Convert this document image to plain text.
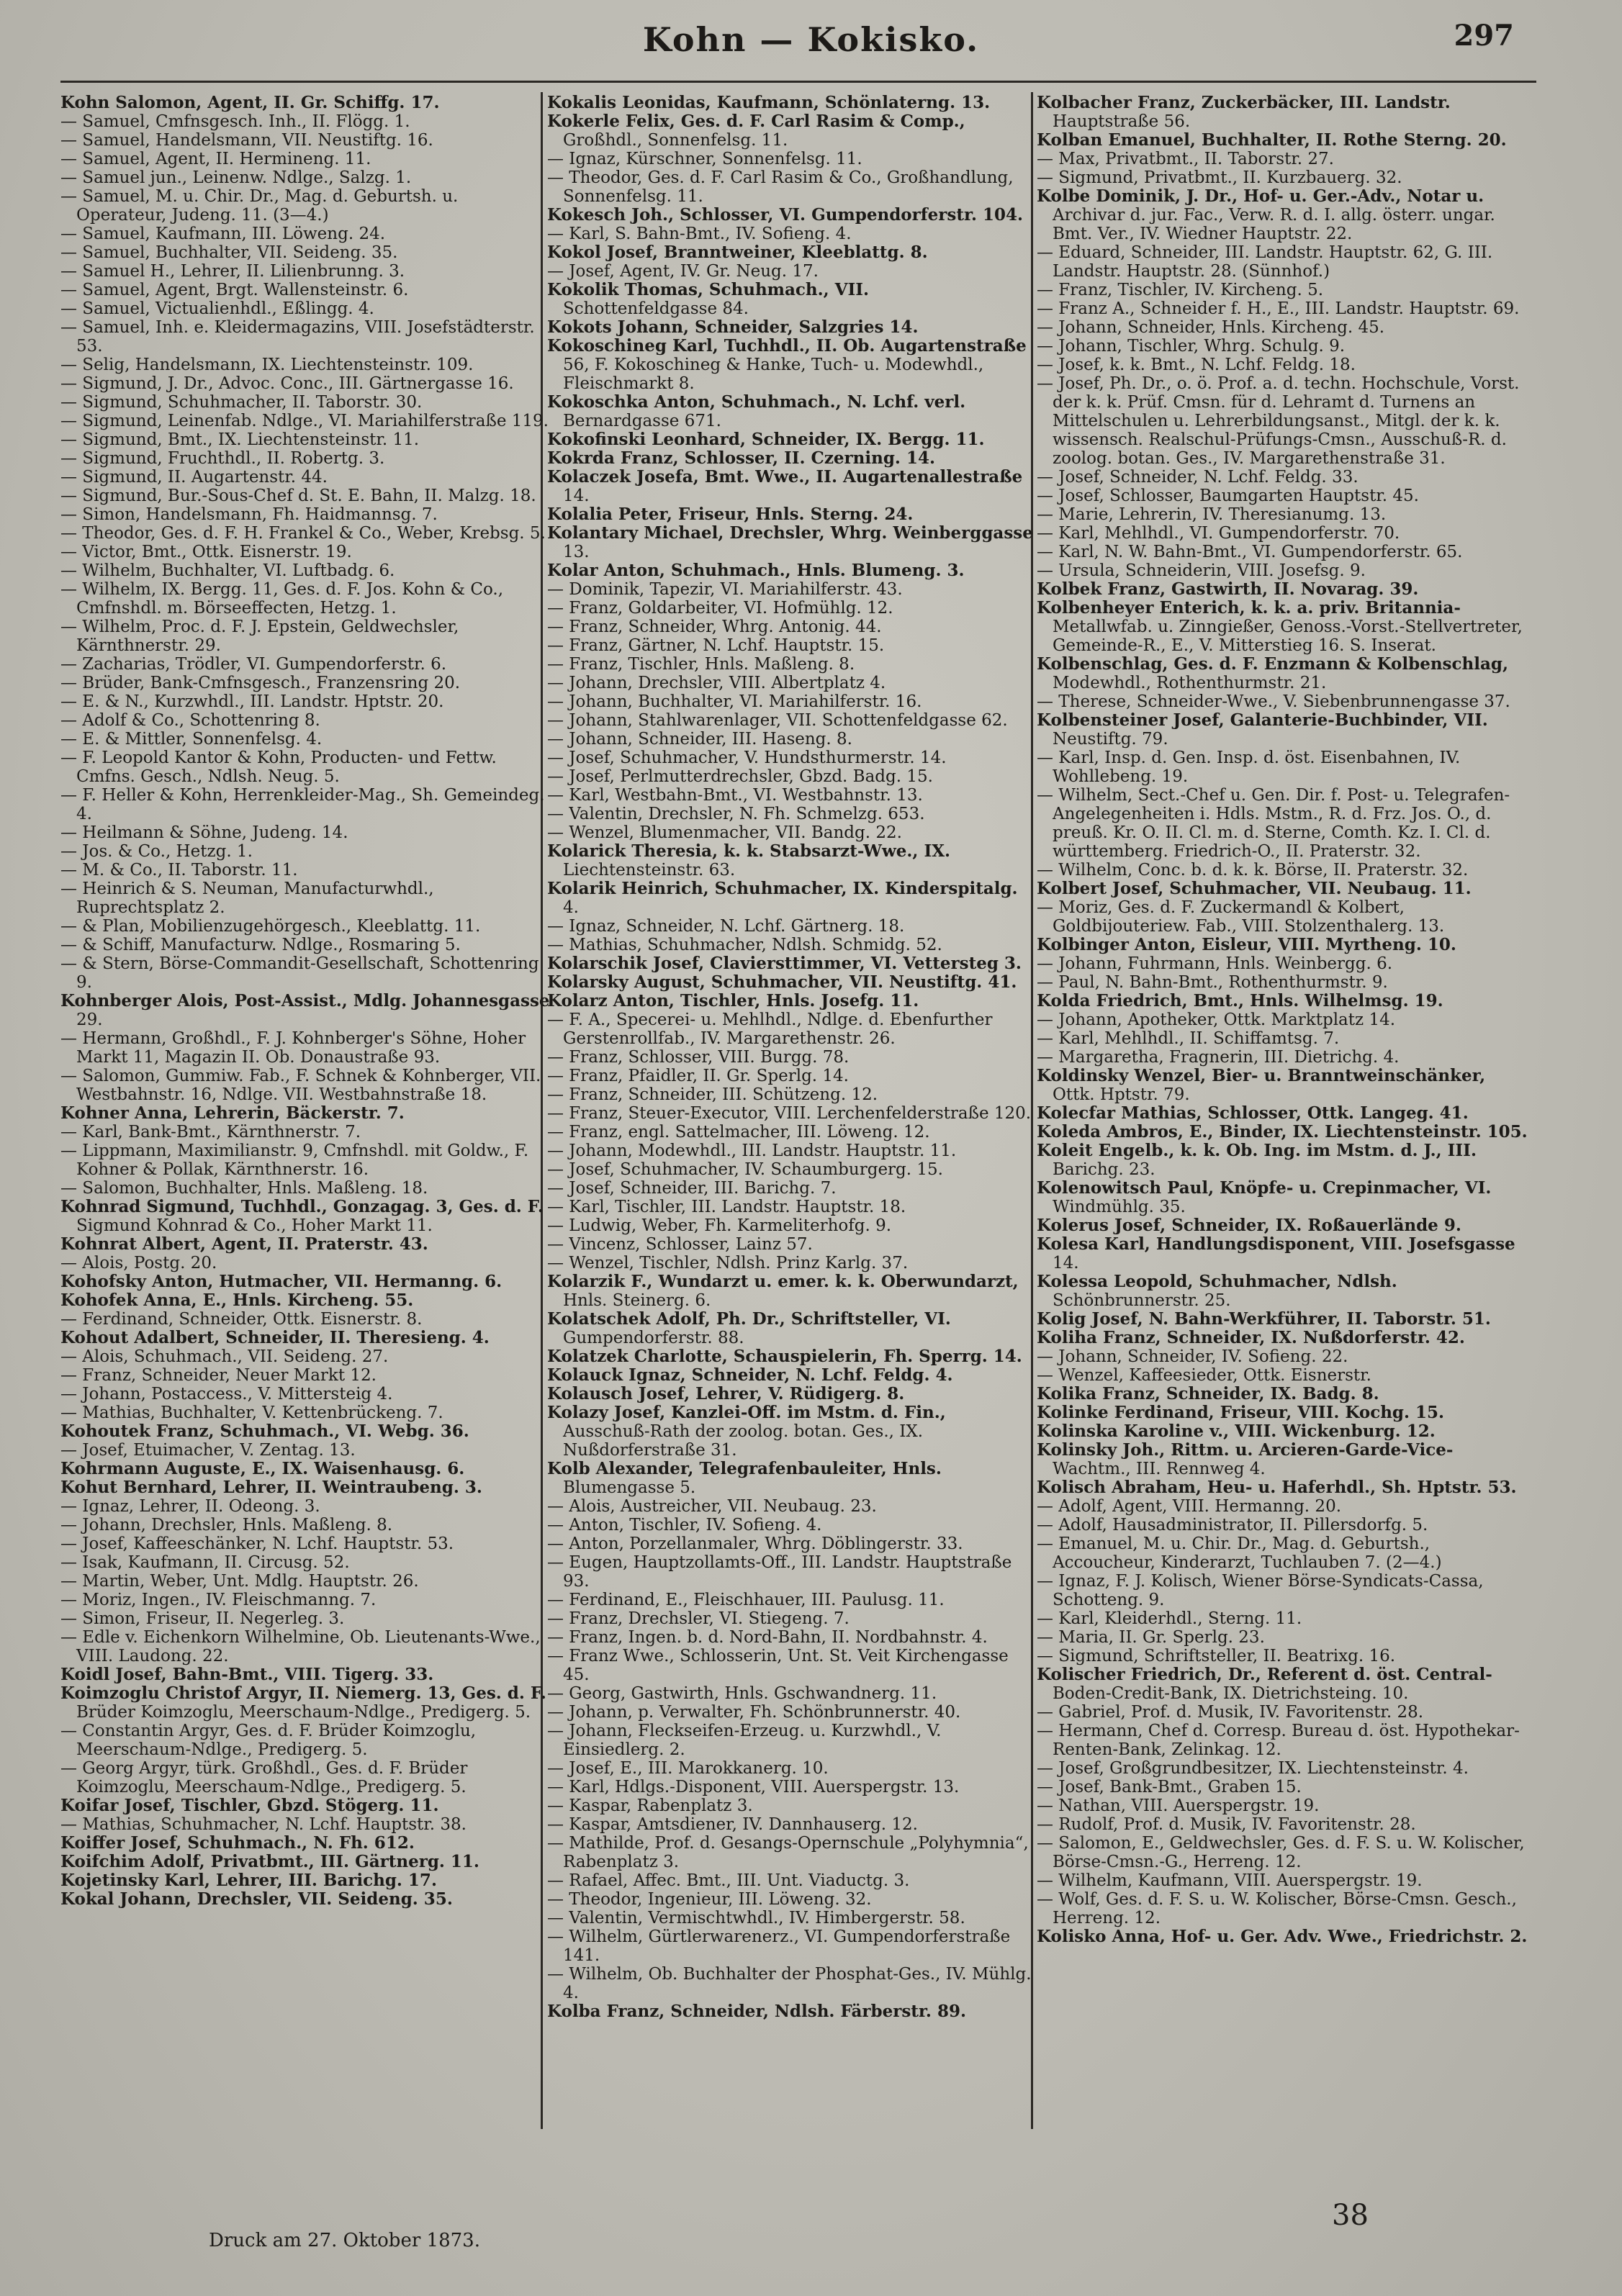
Kohn — Kokisko.	297

Kohn Salomon, Agent, II. Gr. Schiffg. 17.

— Samuel, Cmfnsgesch. Inh., II. Flögg. 1.

— Samuel, Handelsmann, VII. Neustiftg. 16.

— Samuel, Agent, II. Hermineng. 11.

— Samuel jun., Leinenw. Ndlge., Salzg. 1.

— Samuel, M. u. Chir. Dr., Mag. d. Geburtsh. u. Operateur, Judeng. 11. (3—4.)

— Samuel, Kaufmann, III. Löweng. 24.

— Samuel, Buchhalter, VII. Seideng. 35.

— Samuel H., Lehrer, II. Lilienbrunng. 3.

— Samuel, Agent, Brgt. Wallensteinstr. 6.

— Samuel, Victualienhdl., Eßlingg. 4.

— Samuel, Inh. e. Kleidermagazins, VIII. Josefstädterstr. 53.

— Selig, Handelsmann, IX. Liechtensteinstr. 109.

— Sigmund, J. Dr., Advoc. Conc., III. Gärtnergasse 16.

— Sigmund, Schuhmacher, II. Taborstr. 30.

— Sigmund, Leinenfab. Ndlge., VI. Mariahilferstraße 119.

— Sigmund, Bmt., IX. Liechtensteinstr. 11.

— Sigmund, Fruchthdl., II. Robertg. 3.

— Sigmund, II. Augartenstr. 44.

— Sigmund, Bur.-Sous-Chef d. St. E. Bahn, II. Malzg. 18.

— Simon, Handelsmann, Fh. Haidmannsg. 7.

— Theodor, Ges. d. F. H. Frankel & Co., Weber, Krebsg. 5.

— Victor, Bmt., Ottk. Eisnerstr. 19.

— Wilhelm, Buchhalter, VI. Luftbadg. 6.

— Wilhelm, IX. Bergg. 11, Ges. d. F. Jos. Kohn & Co., Cmfnshdl. m. Börseeffecten, Hetzg. 1.

— Wilhelm, Proc. d. F. J. Epstein, Geldwechsler, Kärnthnerstr. 29.

— Zacharias, Trödler, VI. Gumpendorferstr. 6.

— Brüder, Bank-Cmfnsgesch., Franzensring 20.

— E. & N., Kurzwhdl., III. Landstr. Hptstr. 20.

— Adolf & Co., Schottenring 8.

— E. & Mittler, Sonnenfelsg. 4.

— F. Leopold Kantor & Kohn, Producten- und Fettw. Cmfns. Gesch., Ndlsh. Neug. 5.

— F. Heller & Kohn, Herrenkleider-Mag., Sh. Gemeindeg. 4.

— Heilmann & Söhne, Judeng. 14.

— Jos. & Co., Hetzg. 1.

— M. & Co., II. Taborstr. 11.

— Heinrich & S. Neuman, Manufacturwhdl., Ruprechtsplatz 2.

— & Plan, Mobilienzugehörgesch., Kleeblattg. 11.

— & Schiff, Manufacturw. Ndlge., Rosmaring 5.

— & Stern, Börse-Commandit-Gesellschaft, Schottenring 9.

Kohnberger Alois, Post-Assist., Mdlg. Johannesgasse 29.

— Hermann, Großhdl., F. J. Kohnberger's Söhne, Hoher Markt 11, Magazin II. Ob. Donaustraße 93.

— Salomon, Gummiw. Fab., F. Schnek & Kohnberger, VII. Westbahnstr. 16, Ndlge. VII. Westbahnstraße 18.

Kohner Anna, Lehrerin, Bäckerstr. 7.

— Karl, Bank-Bmt., Kärnthnerstr. 7.

— Lippmann, Maximilianstr. 9, Cmfnshdl. mit Goldw., F. Kohner & Pollak, Kärnthnerstr. 16.

— Salomon, Buchhalter, Hnls. Maßleng. 18.

Kohnrad Sigmund, Tuchhdl., Gonzagag. 3, Ges. d. F. Sigmund Kohnrad & Co., Hoher Markt 11.

Kohnrat Albert, Agent, II. Praterstr. 43.

— Alois, Postg. 20.

Kohofsky Anton, Hutmacher, VII. Hermanng. 6.

Kohofek Anna, E., Hnls. Kircheng. 55.

— Ferdinand, Schneider, Ottk. Eisnerstr. 8.

Kohout Adalbert, Schneider, II. Theresieng. 4.

— Alois, Schuhmach., VII. Seideng. 27.

— Franz, Schneider, Neuer Markt 12.

— Johann, Postaccess., V. Mittersteig 4.

— Mathias, Buchhalter, V. Kettenbrückeng. 7.

Kohoutek Franz, Schuhmach., VI. Webg. 36.

— Josef, Etuimacher, V. Zentag. 13.

Kohrmann Auguste, E., IX. Waisenhausg. 6.

Kohut Bernhard, Lehrer, II. Weintraubeng. 3.

— Ignaz, Lehrer, II. Odeong. 3.

— Johann, Drechsler, Hnls. Maßleng. 8.

— Josef, Kaffeeschänker, N. Lchf. Hauptstr. 53.

— Isak, Kaufmann, II. Circusg. 52.

— Martin, Weber, Unt. Mdlg. Hauptstr. 26.

— Moriz, Ingen., IV. Fleischmanng. 7.

— Simon, Friseur, II. Negerleg. 3.

— Edle v. Eichenkorn Wilhelmine, Ob. Lieutenants-Wwe., VIII. Laudong. 22.

Koidl Josef, Bahn-Bmt., VIII. Tigerg. 33.

Koimzoglu Christof Argyr, II. Niemerg. 13, Ges. d. F. Brüder Koimzoglu, Meerschaum-Ndlge., Predigerg. 5.

— Constantin Argyr, Ges. d. F. Brüder Koimzoglu, Meerschaum-Ndlge., Predigerg. 5.

— Georg Argyr, türk. Großhdl., Ges. d. F. Brüder Koimzoglu, Meerschaum-Ndlge., Predigerg. 5.

Koifar Josef, Tischler, Gbzd. Stögerg. 11.

— Mathias, Schuhmacher, N. Lchf. Hauptstr. 38.

Koiffer Josef, Schuhmach., N. Fh. 612.

Koifchim Adolf, Privatbmt., III. Gärtnerg. 11.

Kojetinsky Karl, Lehrer, III. Barichg. 17.

Kokal Johann, Drechsler, VII. Seideng. 35.

Kokalis Leonidas, Kaufmann, Schönlaterng. 13.

Kokerle Felix, Ges. d. F. Carl Rasim & Comp., Großhdl., Sonnenfelsg. 11.

— Ignaz, Kürschner, Sonnenfelsg. 11.

— Theodor, Ges. d. F. Carl Rasim & Co., Großhandlung, Sonnenfelsg. 11.

Kokesch Joh., Schlosser, VI. Gumpendorferstr. 104.

— Karl, S. Bahn-Bmt., IV. Sofieng. 4.

Kokol Josef, Branntweiner, Kleeblattg. 8.

— Josef, Agent, IV. Gr. Neug. 17.

Kokolik Thomas, Schuhmach., VII. Schottenfeldgasse 84.

Kokots Johann, Schneider, Salzgries 14.

Kokoschineg Karl, Tuchhdl., II. Ob. Augartenstraße 56, F. Kokoschineg & Hanke, Tuch- u. Modewhdl., Fleischmarkt 8.

Kokoschka Anton, Schuhmach., N. Lchf. verl. Bernardgasse 671.

Kokofinski Leonhard, Schneider, IX. Bergg. 11.

Kokrda Franz, Schlosser, II. Czerning. 14.

Kolaczek Josefa, Bmt. Wwe., II. Augartenallestraße 14.

Kolalia Peter, Friseur, Hnls. Sterng. 24.

Kolantary Michael, Drechsler, Whrg. Weinberggasse 13.

Kolar Anton, Schuhmach., Hnls. Blumeng. 3.

— Dominik, Tapezir, VI. Mariahilferstr. 43.

— Franz, Goldarbeiter, VI. Hofmühlg. 12.

— Franz, Schneider, Whrg. Antonig. 44.

— Franz, Gärtner, N. Lchf. Hauptstr. 15.

— Franz, Tischler, Hnls. Maßleng. 8.

— Johann, Drechsler, VIII. Albertplatz 4.

— Johann, Buchhalter, VI. Mariahilferstr. 16.

— Johann, Stahlwarenlager, VII. Schottenfeldgasse 62.

— Johann, Schneider, III. Haseng. 8.

— Josef, Schuhmacher, V. Hundsthurmerstr. 14.

— Josef, Perlmutterdrechsler, Gbzd. Badg. 15.

— Karl, Westbahn-Bmt., VI. Westbahnstr. 13.

— Valentin, Drechsler, N. Fh. Schmelzg. 653.

— Wenzel, Blumenmacher, VII. Bandg. 22.

Kolarick Theresia, k. k. Stabsarzt-Wwe., IX. Liechtensteinstr. 63.

Kolarik Heinrich, Schuhmacher, IX. Kinderspitalg. 4.

— Ignaz, Schneider, N. Lchf. Gärtnerg. 18.

— Mathias, Schuhmacher, Ndlsh. Schmidg. 52.

Kolarschik Josef, Claviersttimmer, VI. Vettersteg 3.

Kolarsky August, Schuhmacher, VII. Neustiftg. 41.

Kolarz Anton, Tischler, Hnls. Josefg. 11.

— F. A., Specerei- u. Mehlhdl., Ndlge. d. Ebenfurther Gerstenrollfab., IV. Margarethenstr. 26.

— Franz, Schlosser, VIII. Burgg. 78.

— Franz, Pfaidler, II. Gr. Sperlg. 14.

— Franz, Schneider, III. Schützeng. 12.

— Franz, Steuer-Executor, VIII. Lerchenfelderstraße 120.

— Franz, engl. Sattelmacher, III. Löweng. 12.

— Johann, Modewhdl., III. Landstr. Hauptstr. 11.

— Josef, Schuhmacher, IV. Schaumburgerg. 15.

— Josef, Schneider, III. Barichg. 7.

— Karl, Tischler, III. Landstr. Hauptstr. 18.

— Ludwig, Weber, Fh. Karmeliterhofg. 9.

— Vincenz, Schlosser, Lainz 57.

— Wenzel, Tischler, Ndlsh. Prinz Karlg. 37.

Kolarzik F., Wundarzt u. emer. k. k. Oberwundarzt, Hnls. Steinerg. 6.

Kolatschek Adolf, Ph. Dr., Schriftsteller, VI. Gumpendorferstr. 88.

Kolatzek Charlotte, Schauspielerin, Fh. Sperrg. 14.

Kolauck Ignaz, Schneider, N. Lchf. Feldg. 4.

Kolausch Josef, Lehrer, V. Rüdigerg. 8.

Kolazy Josef, Kanzlei-Off. im Mstm. d. Fin., Ausschuß-Rath der zoolog. botan. Ges., IX. Nußdorferstraße 31.

Kolb Alexander, Telegrafenbauleiter, Hnls. Blumengasse 5.

— Alois, Austreicher, VII. Neubaug. 23.

— Anton, Tischler, IV. Sofieng. 4.

— Anton, Porzellanmaler, Whrg. Döblingerstr. 33.

— Eugen, Hauptzollamts-Off., III. Landstr. Hauptstraße 93.

— Ferdinand, E., Fleischhauer, III. Paulusg. 11.

— Franz, Drechsler, VI. Stiegeng. 7.

— Franz, Ingen. b. d. Nord-Bahn, II. Nordbahnstr. 4.

— Franz Wwe., Schlosserin, Unt. St. Veit Kirchengasse 45.

— Georg, Gastwirth, Hnls. Gschwandnerg. 11.

— Johann, p. Verwalter, Fh. Schönbrunnerstr. 40.

— Johann, Fleckseifen-Erzeug. u. Kurzwhdl., V. Einsiedlerg. 2.

— Josef, E., III. Marokkanerg. 10.

— Karl, Hdlgs.-Disponent, VIII. Auerspergstr. 13.

— Kaspar, Rabenplatz 3.

— Kaspar, Amtsdiener, IV. Dannhauserg. 12.

— Mathilde, Prof. d. Gesangs-Opernschule „Polyhymnia“, Rabenplatz 3.

— Rafael, Affec. Bmt., III. Unt. Viaductg. 3.

— Theodor, Ingenieur, III. Löweng. 32.

— Valentin, Vermischtwhdl., IV. Himbergerstr. 58.

— Wilhelm, Gürtlerwarenerz., VI. Gumpendorferstraße 141.

— Wilhelm, Ob. Buchhalter der Phosphat-Ges., IV. Mühlg. 4.

Kolba Franz, Schneider, Ndlsh. Färberstr. 89.

Kolbacher Franz, Zuckerbäcker, III. Landstr. Hauptstraße 56.

Kolban Emanuel, Buchhalter, II. Rothe Sterng. 20.

— Max, Privatbmt., II. Taborstr. 27.

— Sigmund, Privatbmt., II. Kurzbauerg. 32.

Kolbe Dominik, J. Dr., Hof- u. Ger.-Adv., Notar u. Archivar d. jur. Fac., Verw. R. d. I. allg. österr. ungar. Bmt. Ver., IV. Wiedner Hauptstr. 22.

— Eduard, Schneider, III. Landstr. Hauptstr. 62, G. III. Landstr. Hauptstr. 28. (Sünnhof.)

— Franz, Tischler, IV. Kircheng. 5.

— Franz A., Schneider f. H., E., III. Landstr. Hauptstr. 69.

— Johann, Schneider, Hnls. Kircheng. 45.

— Johann, Tischler, Whrg. Schulg. 9.

— Josef, k. k. Bmt., N. Lchf. Feldg. 18.

— Josef, Ph. Dr., o. ö. Prof. a. d. techn. Hochschule, Vorst. der k. k. Prüf. Cmsn. für d. Lehramt d. Turnens an Mittelschulen u. Lehrerbildungsanst., Mitgl. der k. k. wissensch. Realschul-Prüfungs-Cmsn., Ausschuß-R. d. zoolog. botan. Ges., IV. Margarethenstraße 31.

— Josef, Schneider, N. Lchf. Feldg. 33.

— Josef, Schlosser, Baumgarten Hauptstr. 45.

— Marie, Lehrerin, IV. Theresianumg. 13.

— Karl, Mehlhdl., VI. Gumpendorferstr. 70.

— Karl, N. W. Bahn-Bmt., VI. Gumpendorferstr. 65.

— Ursula, Schneiderin, VIII. Josefsg. 9.

Kolbek Franz, Gastwirth, II. Novarag. 39.

Kolbenheyer Enterich, k. k. a. priv. Britannia-Metallwfab. u. Zinngießer, Genoss.-Vorst.-Stellvertreter, Gemeinde-R., E., V. Mitterstieg 16. S. Inserat.

Kolbenschlag, Ges. d. F. Enzmann & Kolbenschlag, Modewhdl., Rothenthurmstr. 21.

— Therese, Schneider-Wwe., V. Siebenbrunnengasse 37.

Kolbensteiner Josef, Galanterie-Buchbinder, VII. Neustiftg. 79.

— Karl, Insp. d. Gen. Insp. d. öst. Eisenbahnen, IV. Wohllebeng. 19.

— Wilhelm, Sect.-Chef u. Gen. Dir. f. Post- u. Telegrafen-Angelegenheiten i. Hdls. Mstm., R. d. Frz. Jos. O., d. preuß. Kr. O. II. Cl. m. d. Sterne, Comth. Kz. I. Cl. d. württemberg. Friedrich-O., II. Praterstr. 32.

— Wilhelm, Conc. b. d. k. k. Börse, II. Praterstr. 32.

Kolbert Josef, Schuhmacher, VII. Neubaug. 11.

— Moriz, Ges. d. F. Zuckermandl & Kolbert, Goldbijouteriew. Fab., VIII. Stolzenthalerg. 13.

Kolbinger Anton, Eisleur, VIII. Myrtheng. 10.

— Johann, Fuhrmann, Hnls. Weinbergg. 6.

— Paul, N. Bahn-Bmt., Rothenthurmstr. 9.

Kolda Friedrich, Bmt., Hnls. Wilhelmsg. 19.

— Johann, Apotheker, Ottk. Marktplatz 14.

— Karl, Mehlhdl., II. Schiffamtsg. 7.

— Margaretha, Fragnerin, III. Dietrichg. 4.

Koldinsky Wenzel, Bier- u. Branntweinschänker, Ottk. Hptstr. 79.

Kolecfar Mathias, Schlosser, Ottk. Langeg. 41.

Koleda Ambros, E., Binder, IX. Liechtensteinstr. 105.

Koleit Engelb., k. k. Ob. Ing. im Mstm. d. J., III. Barichg. 23.

Kolenowitsch Paul, Knöpfe- u. Crepinmacher, VI. Windmühlg. 35.

Kolerus Josef, Schneider, IX. Roßauerlände 9.

Kolesa Karl, Handlungsdisponent, VIII. Josefsgasse 14.

Kolessa Leopold, Schuhmacher, Ndlsh. Schönbrunnerstr. 25.

Kolig Josef, N. Bahn-Werkführer, II. Taborstr. 51.

Koliha Franz, Schneider, IX. Nußdorferstr. 42.

— Johann, Schneider, IV. Sofieng. 22.

— Wenzel, Kaffeesieder, Ottk. Eisnerstr.

Kolika Franz, Schneider, IX. Badg. 8.

Kolinke Ferdinand, Friseur, VIII. Kochg. 15.

Kolinska Karoline v., VIII. Wickenburg. 12.

Kolinsky Joh., Rittm. u. Arcieren-Garde-Vice-Wachtm., III. Rennweg 4.

Kolisch Abraham, Heu- u. Haferhdl., Sh. Hptstr. 53.

— Adolf, Agent, VIII. Hermanng. 20.

— Adolf, Hausadministrator, II. Pillersdorfg. 5.

— Emanuel, M. u. Chir. Dr., Mag. d. Geburtsh., Accoucheur, Kinderarzt, Tuchlauben 7. (2—4.)

— Ignaz, F. J. Kolisch, Wiener Börse-Syndicats-Cassa, Schotteng. 9.

— Karl, Kleiderhdl., Sterng. 11.

— Maria, II. Gr. Sperlg. 23.

— Sigmund, Schriftsteller, II. Beatrixg. 16.

Kolischer Friedrich, Dr., Referent d. öst. Central-Boden-Credit-Bank, IX. Dietrichsteing. 10.

— Gabriel, Prof. d. Musik, IV. Favoritenstr. 28.

— Hermann, Chef d. Corresp. Bureau d. öst. Hypothekar-Renten-Bank, Zelinkag. 12.

— Josef, Großgrundbesitzer, IX. Liechtensteinstr. 4.

— Josef, Bank-Bmt., Graben 15.

— Nathan, VIII. Auerspergstr. 19.

— Rudolf, Prof. d. Musik, IV. Favoritenstr. 28.

— Salomon, E., Geldwechsler, Ges. d. F. S. u. W. Kolischer, Börse-Cmsn.-G., Herreng. 12.

— Wilhelm, Kaufmann, VIII. Auerspergstr. 19.

— Wolf, Ges. d. F. S. u. W. Kolischer, Börse-Cmsn. Gesch., Herreng. 12.

Kolisko Anna, Hof- u. Ger. Adv. Wwe., Friedrichstr. 2.

Druck am 27. Oktober 1873.
38
